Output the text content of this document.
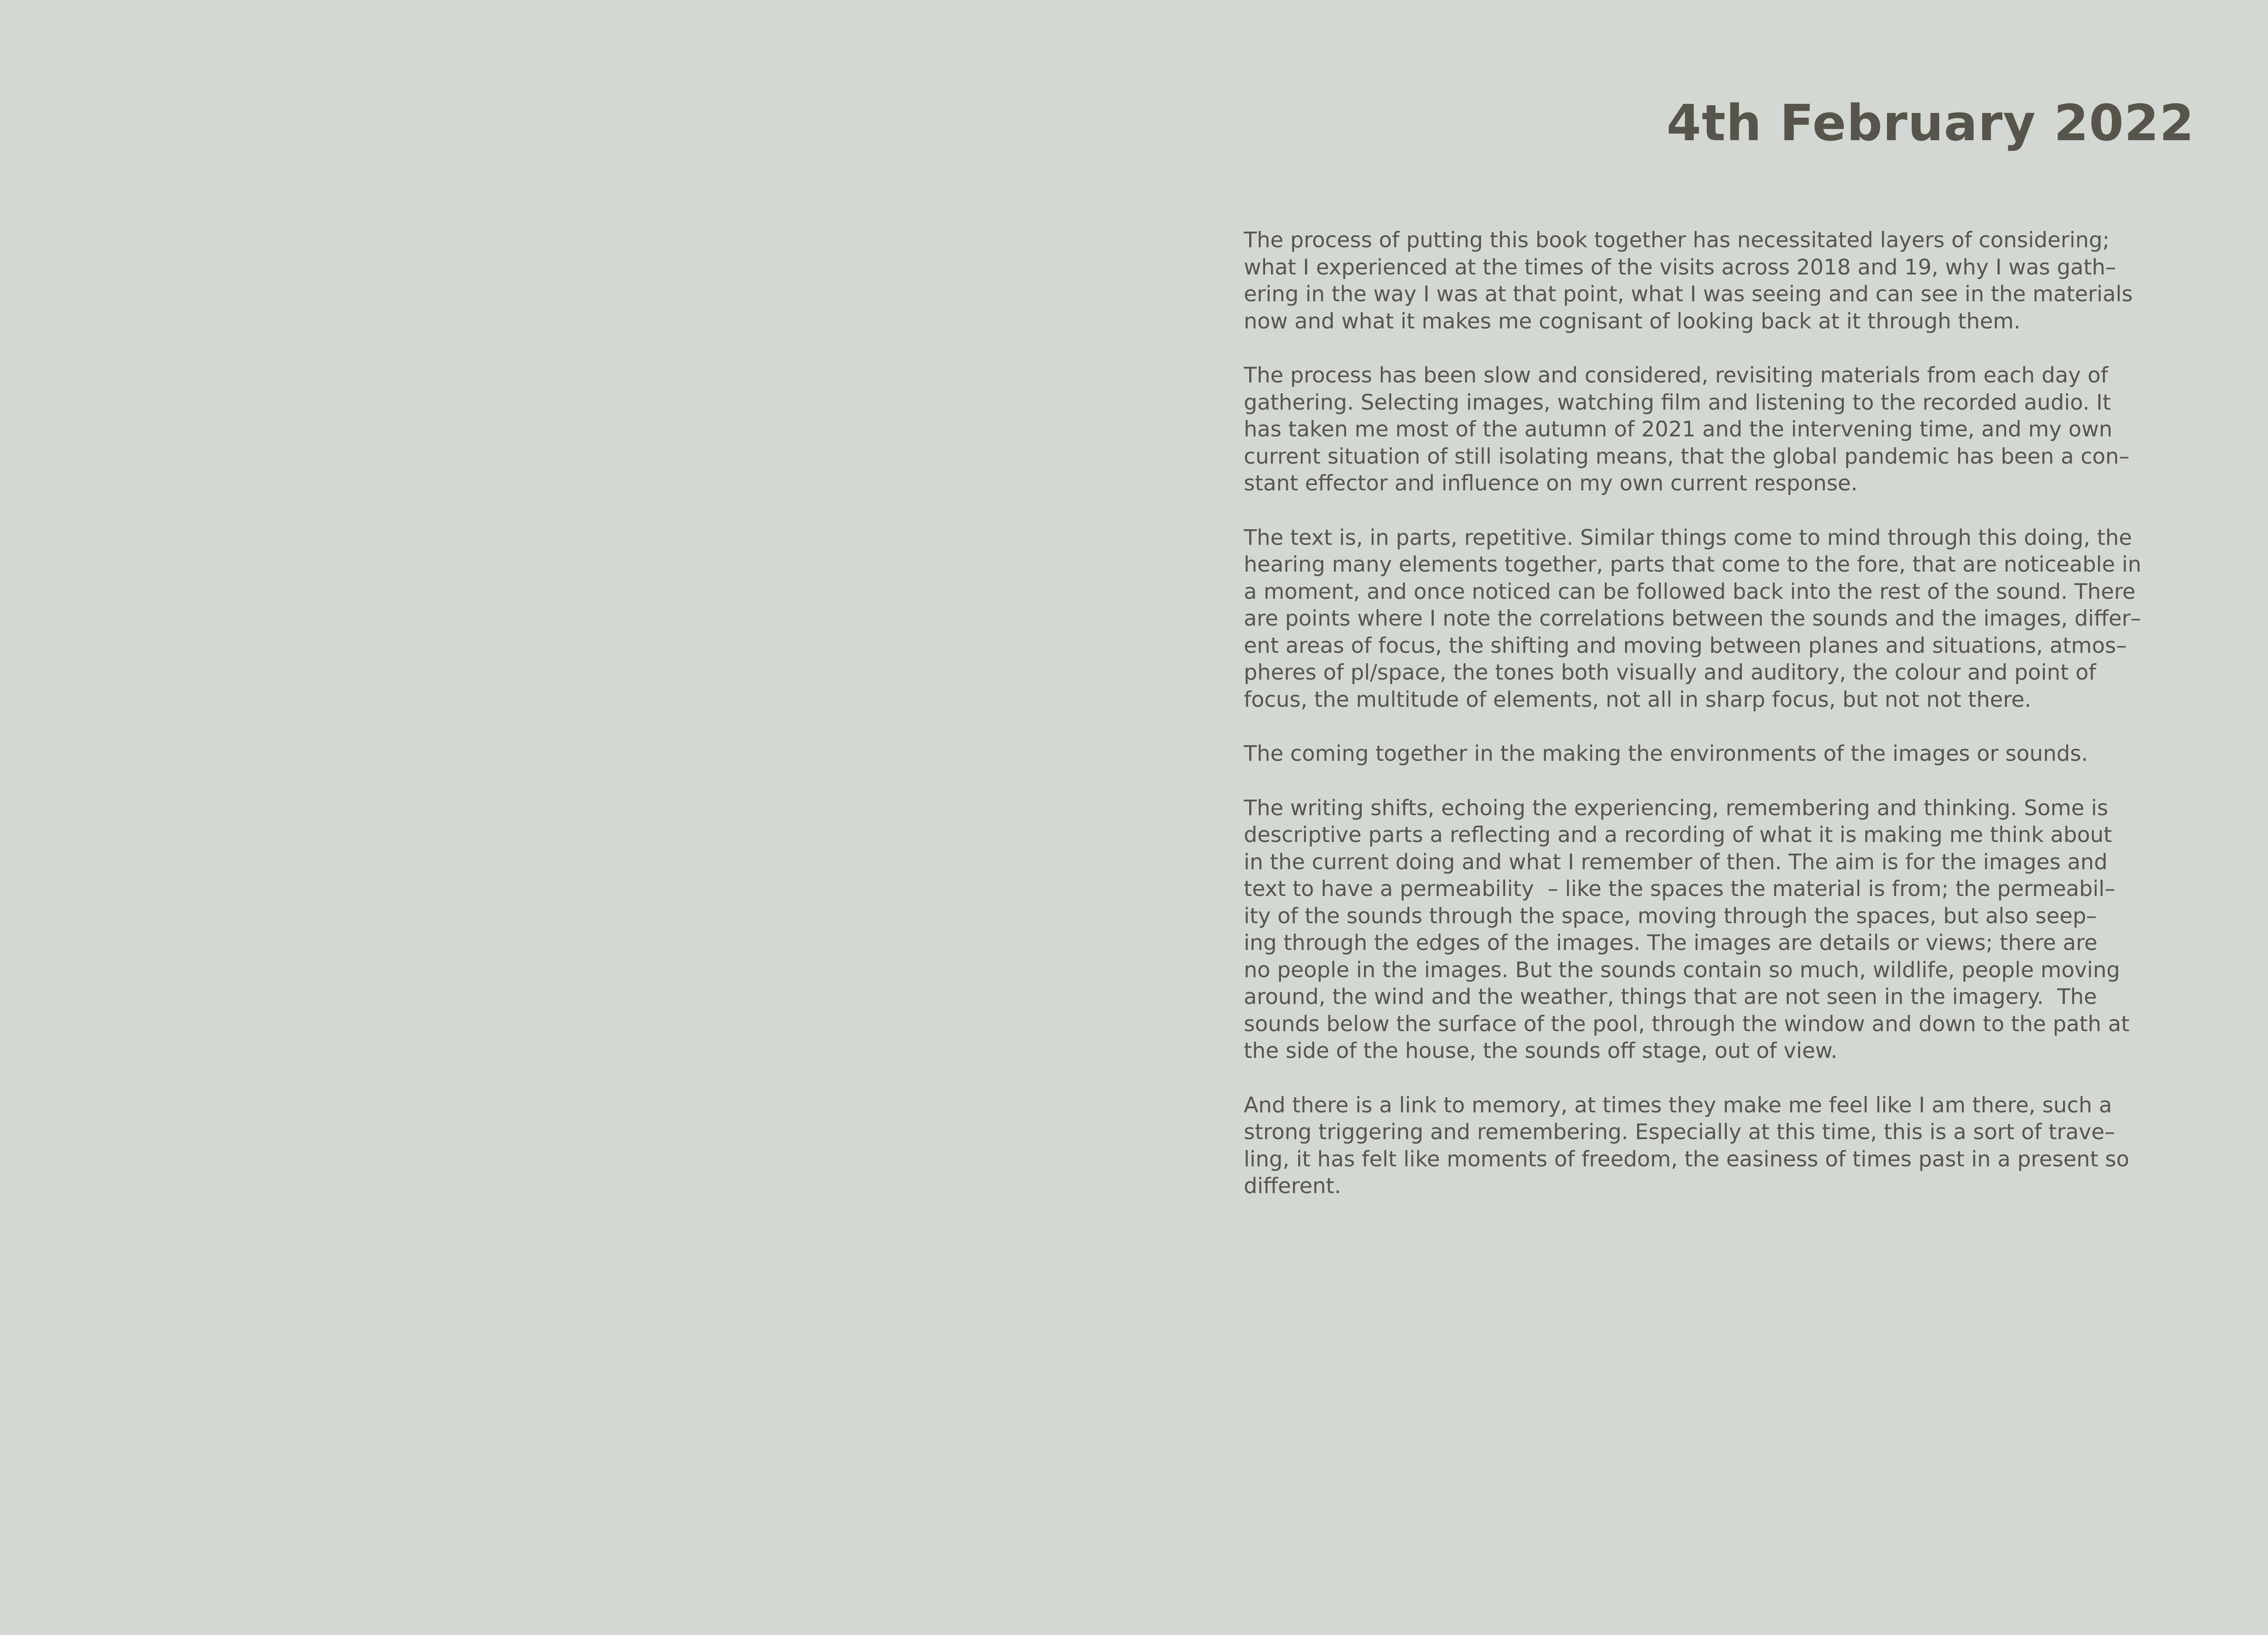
4th February 2022

The process of putting this book together has necessitated layers of considering;
what I experienced at the times of the visits across 2018 and 19, why I was gath–
ering in the way I was at that point, what I was seeing and can see in the materials
now and what it makes me cognisant of looking back at it through them.

The process has been slow and considered, revisiting materials from each day of
gathering. Selecting images, watching film and listening to the recorded audio. It
has taken me most of the autumn of 2021 and the intervening time, and my own
current situation of still isolating means, that the global pandemic has been a con–
stant effector and influence on my own current response.

The text is, in parts, repetitive. Similar things come to mind through this doing, the
hearing many elements together, parts that come to the fore, that are noticeable in
a moment, and once noticed can be followed back into the rest of the sound. There
are points where I note the correlations between the sounds and the images, differ–
ent areas of focus, the shifting and moving between planes and situations, atmos–
pheres of pl/space, the tones both visually and auditory, the colour and point of
focus, the multitude of elements, not all in sharp focus, but not not there.

The coming together in the making the environments of the images or sounds.

The writing shifts, echoing the experiencing, remembering and thinking. Some is
descriptive parts a reflecting and a recording of what it is making me think about
in the current doing and what I remember of then. The aim is for the images and
text to have a permeability  – like the spaces the material is from; the permeabil–
ity of the sounds through the space, moving through the spaces, but also seep–
ing through the edges of the images. The images are details or views; there are
no people in the images. But the sounds contain so much, wildlife, people moving
around, the wind and the weather, things that are not seen in the imagery.  The
sounds below the surface of the pool, through the window and down to the path at
the side of the house, the sounds off stage, out of view.

And there is a link to memory, at times they make me feel like I am there, such a
strong triggering and remembering. Especially at this time, this is a sort of trave–
ling, it has felt like moments of freedom, the easiness of times past in a present so
different.
